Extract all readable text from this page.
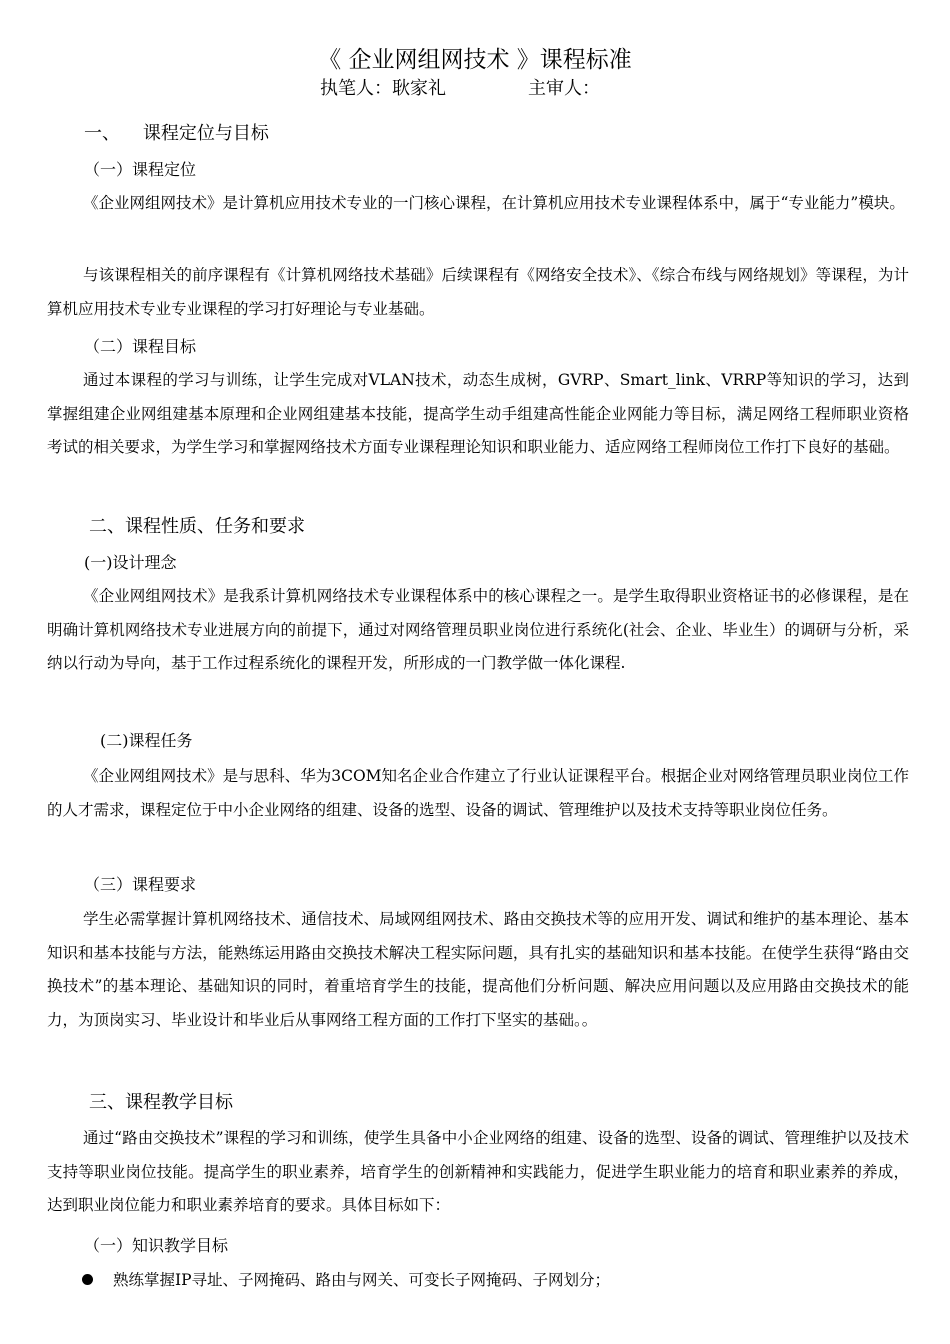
《 企业网组网技术 》课程标准
执笔人：耿家礼	主审人：
一、    课程定位与目标
（一）课程定位
《企业网组网技术》是计算机应用技术专业的一门核心课程，在计算机应用技术专业课程体系中，属于“专业能力”模块。
与该课程相关的前序课程有《计算机网络技术基础》后续课程有《网络安全技术》、《综合布线与网络规划》等课程，为计算机应用技术专业专业课程的学习打好理论与专业基础。
（二）课程目标
通过本课程的学习与训练，让学生完成对VLAN技术，动态生成树，GVRP、Smart_link、VRRP等知识的学习，达到掌握组建企业网组建基本原理和企业网组建基本技能，提高学生动手组建高性能企业网能力等目标，满足网络工程师职业资格考试的相关要求，为学生学习和掌握网络技术方面专业课程理论知识和职业能力、适应网络工程师岗位工作打下良好的基础。
二、课程性质、任务和要求
(一)设计理念
《企业网组网技术》是我系计算机网络技术专业课程体系中的核心课程之一。是学生取得职业资格证书的必修课程，是在明确计算机网络技术专业进展方向的前提下，通过对网络管理员职业岗位进行系统化(社会、企业、毕业生）的调研与分析，采纳以行动为导向，基于工作过程系统化的课程开发，所形成的一门教学做一体化课程.
(二)课程任务
《企业网组网技术》是与思科、华为3COM知名企业合作建立了行业认证课程平台。根据企业对网络管理员职业岗位工作的人才需求，课程定位于中小企业网络的组建、设备的选型、设备的调试、管理维护以及技术支持等职业岗位任务。
（三）课程要求
学生必需掌握计算机网络技术、通信技术、局域网组网技术、路由交换技术等的应用开发、调试和维护的基本理论、基本知识和基本技能与方法，能熟练运用路由交换技术解决工程实际问题，具有扎实的基础知识和基本技能。在使学生获得“路由交换技术”的基本理论、基础知识的同时，着重培育学生的技能，提高他们分析问题、解决应用问题以及应用路由交换技术的能力，为顶岗实习、毕业设计和毕业后从事网络工程方面的工作打下坚实的基础。。
三、课程教学目标
通过“路由交换技术”课程的学习和训练，使学生具备中小企业网络的组建、设备的选型、设备的调试、管理维护以及技术支持等职业岗位技能。提高学生的职业素养，培育学生的创新精神和实践能力，促进学生职业能力的培育和职业素养的养成，达到职业岗位能力和职业素养培育的要求。具体目标如下：
（一）知识教学目标
熟练掌握IP寻址、子网掩码、路由与网关、可变长子网掩码、子网划分；
